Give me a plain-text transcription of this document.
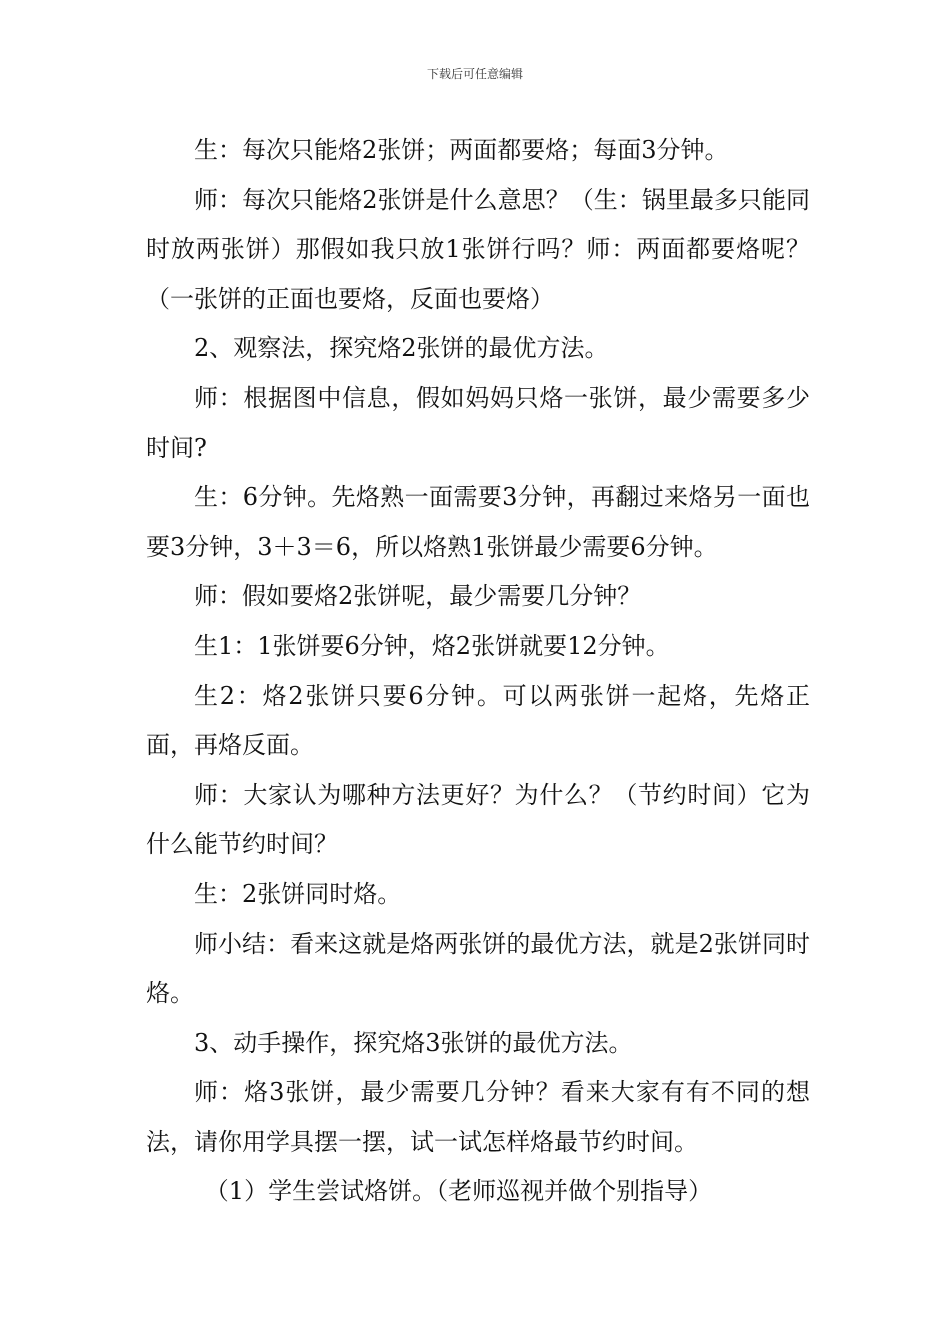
下载后可任意编辑

生：每次只能烙2张饼；两面都要烙；每面3分钟。

师：每次只能烙2张饼是什么意思？（生：锅里最多只能同时放两张饼）那假如我只放1张饼行吗？师：两面都要烙呢？（一张饼的正面也要烙，反面也要烙）

2、观察法，探究烙2张饼的最优方法。

师：根据图中信息，假如妈妈只烙一张饼，最少需要多少时间?

生：6分钟。先烙熟一面需要3分钟，再翻过来烙另一面也要3分钟，3＋3＝6，所以烙熟1张饼最少需要6分钟。

师：假如要烙2张饼呢，最少需要几分钟？

生1：1张饼要6分钟，烙2张饼就要12分钟。

生2：烙2张饼只要6分钟。可以两张饼一起烙，先烙正面，再烙反面。

师：大家认为哪种方法更好？为什么？（节约时间）它为什么能节约时间？

生：2张饼同时烙。

师小结：看来这就是烙两张饼的最优方法，就是2张饼同时烙。

3、动手操作，探究烙3张饼的最优方法。

师：烙3张饼，最少需要几分钟？看来大家有有不同的想法，请你用学具摆一摆，试一试怎样烙最节约时间。

（1）学生尝试烙饼。（老师巡视并做个别指导）
